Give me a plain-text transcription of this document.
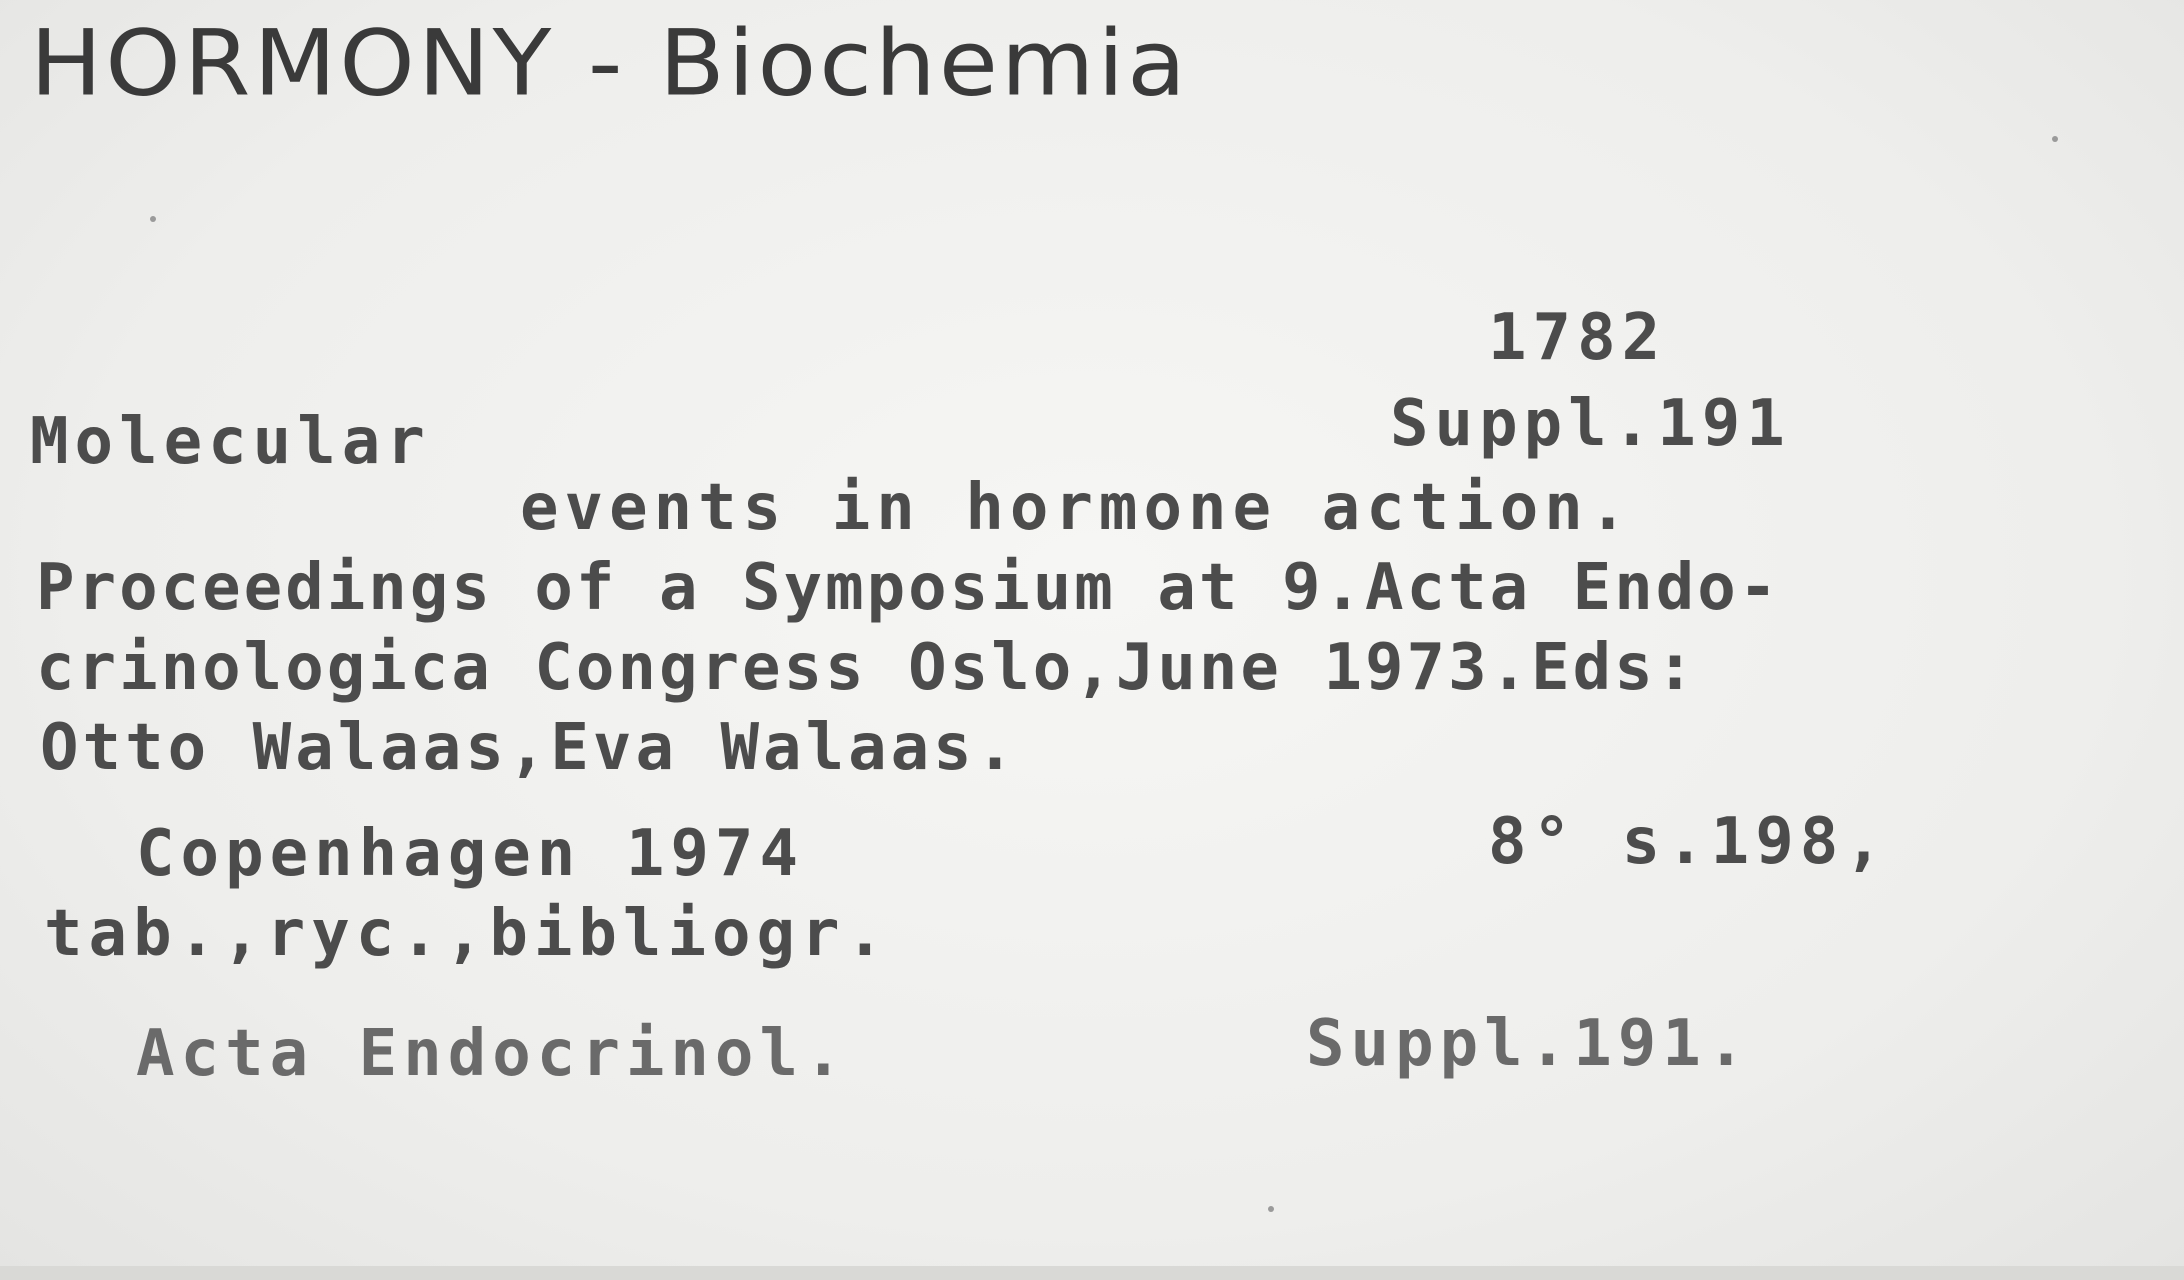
HORMONY - Biochemia
1782
Molecular	Suppl.191
events in hormone action.
Proceedings of a Symposium at 9.Acta Endo-
crinologica Congress Oslo,June 1973.Eds:
Otto Walaas,Eva Walaas.
Copenhagen 1974	8° s.198,
tab.,ryc.,bibliogr.
Acta Endocrinol.	Suppl.191.
